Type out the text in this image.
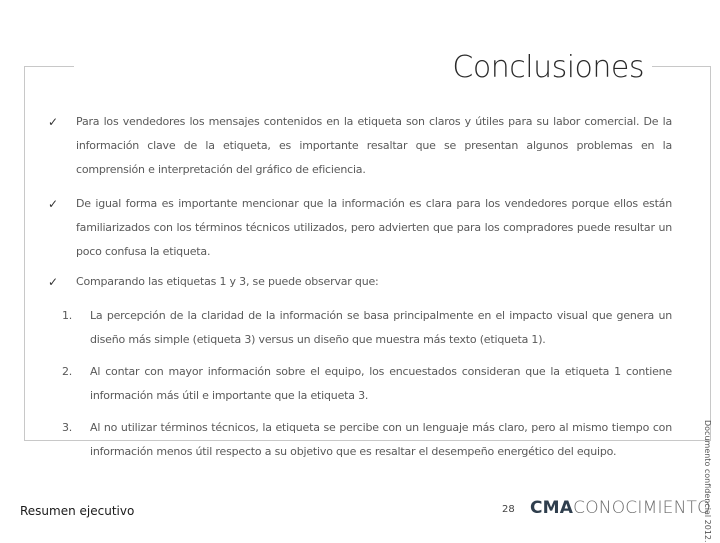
Conclusiones
✓ Para los vendedores los mensajes contenidos en la etiqueta son claros y útiles para su labor comercial. De la información clave de la etiqueta, es importante resaltar que se presentan algunos problemas en la comprensión e interpretación del gráfico de eficiencia.
✓ De igual forma es importante mencionar que la información es clara para los vendedores porque ellos están familiarizados con los términos técnicos utilizados, pero advierten que para los compradores puede resultar un poco confusa la etiqueta.
✓ Comparando las etiquetas 1 y 3, se puede observar que:
1. La percepción de la claridad de la información se basa principalmente en el impacto visual que genera un diseño más simple (etiqueta 3) versus un diseño que muestra más texto (etiqueta 1).
2. Al contar con mayor información sobre el equipo, los encuestados consideran que la etiqueta 1 contiene información más útil e importante que la etiqueta 3.
3. Al no utilizar términos técnicos, la etiqueta se percibe con un lenguaje más claro, pero al mismo tiempo con información menos útil respecto a su objetivo que es resaltar el desempeño energético del equipo.
Resumen ejecutivo	28 CMACONOCIMIENTO
Documento confidencial 2012.
